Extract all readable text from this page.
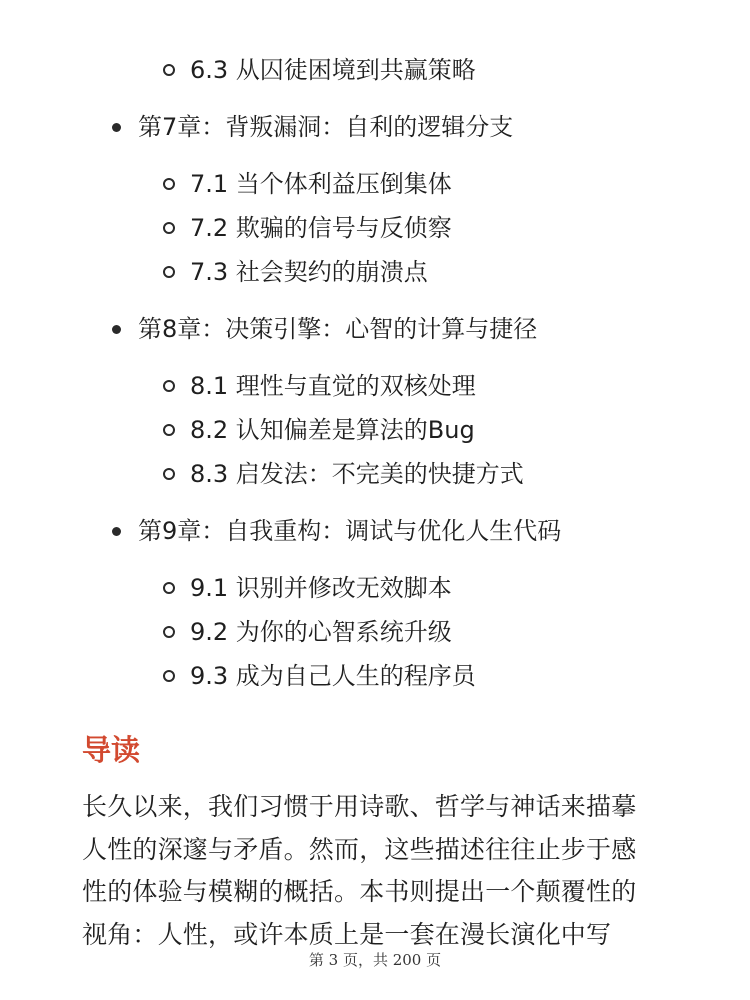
6.3 从囚徒困境到共赢策略
第7章：背叛漏洞：自利的逻辑分支
7.1 当个体利益压倒集体
7.2 欺骗的信号与反侦察
7.3 社会契约的崩溃点
第8章：决策引擎：心智的计算与捷径
8.1 理性与直觉的双核处理
8.2 认知偏差是算法的Bug
8.3 启发法：不完美的快捷方式
第9章：自我重构：调试与优化人生代码
9.1 识别并修改无效脚本
9.2 为你的心智系统升级
9.3 成为自己人生的程序员
导读
长久以来，我们习惯于用诗歌、哲学与神话来描摹
人性的深邃与矛盾。然而，这些描述往往止步于感
性的体验与模糊的概括。本书则提出一个颠覆性的
视角：人性，或许本质上是一套在漫长演化中写
第 3 页，共 200 页
